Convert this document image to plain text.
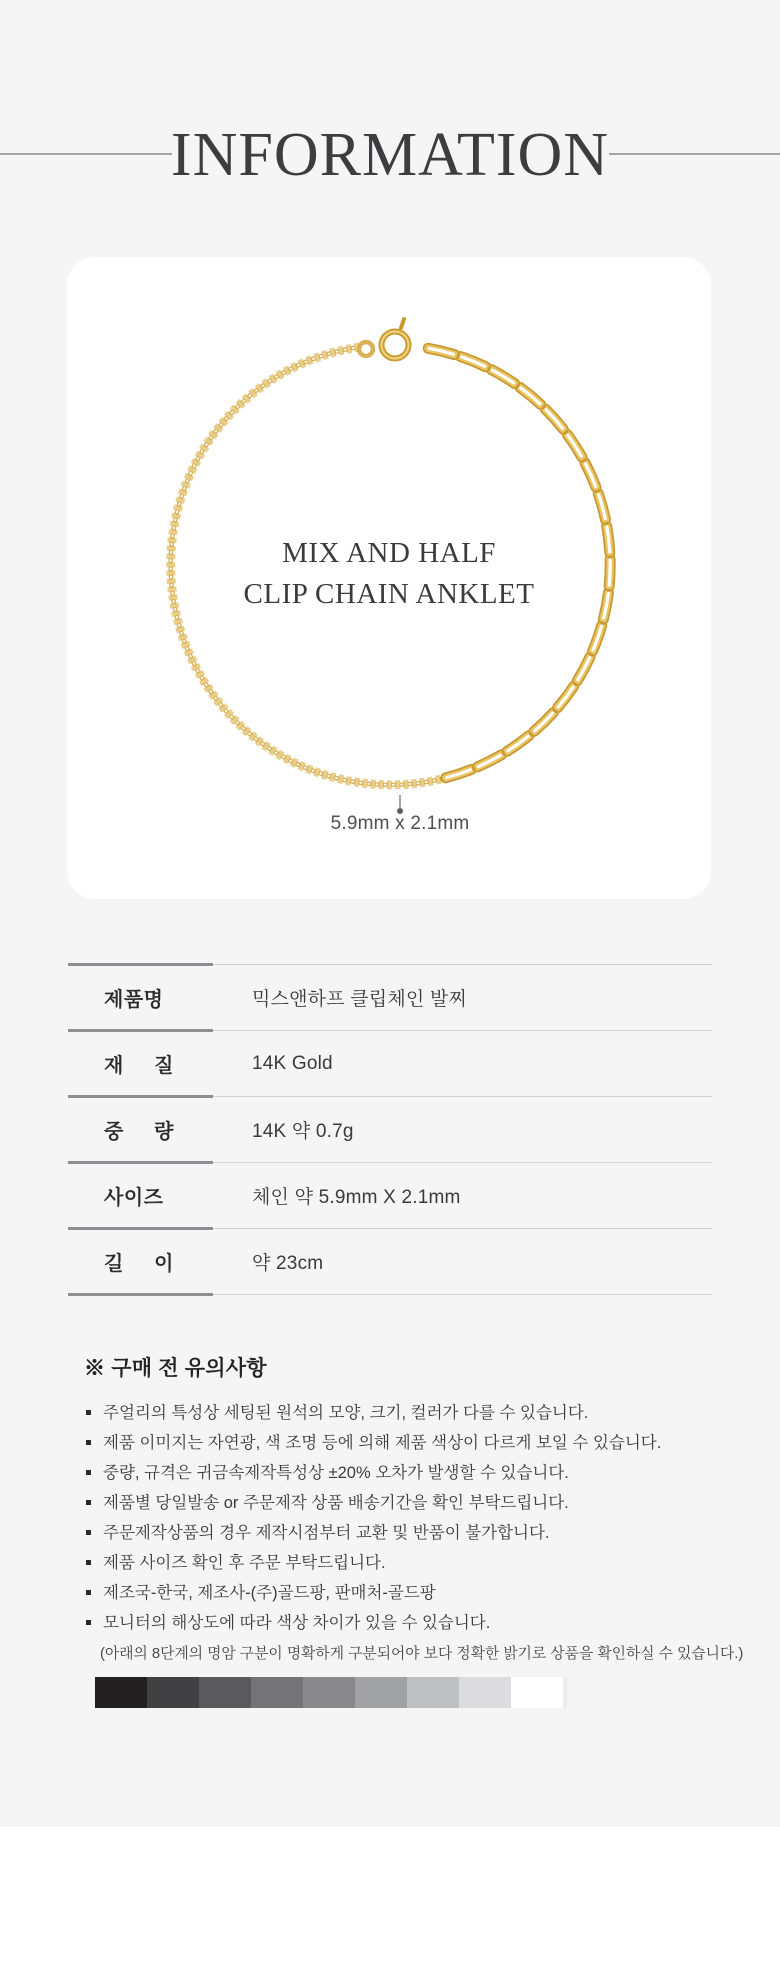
INFORMATION
MIX AND HALF
CLIP CHAIN ANKLET
5.9mm x 2.1mm
제품명	믹스앤하프 클립체인 발찌
재 질	14K Gold
중 량	14K 약 0.7g
사이즈	체인 약 5.9mm X 2.1mm
길 이	약 23cm
※ 구매 전 유의사항
주얼리의 특성상 세팅된 원석의 모양, 크기, 컬러가 다를 수 있습니다.
제품 이미지는 자연광, 색 조명 등에 의해 제품 색상이 다르게 보일 수 있습니다.
중량, 규격은 귀금속제작특성상 ±20% 오차가 발생할 수 있습니다.
제품별 당일발송 or 주문제작 상품 배송기간을 확인 부탁드립니다.
주문제작상품의 경우 제작시점부터 교환 및 반품이 불가합니다.
제품 사이즈 확인 후 주문 부탁드립니다.
제조국-한국, 제조사-(주)골드팡, 판매처-골드팡
모니터의 해상도에 따라 색상 차이가 있을 수 있습니다.
(아래의 8단계의 명암 구분이 명확하게 구분되어야 보다 정확한 밝기로 상품을 확인하실 수 있습니다.)
